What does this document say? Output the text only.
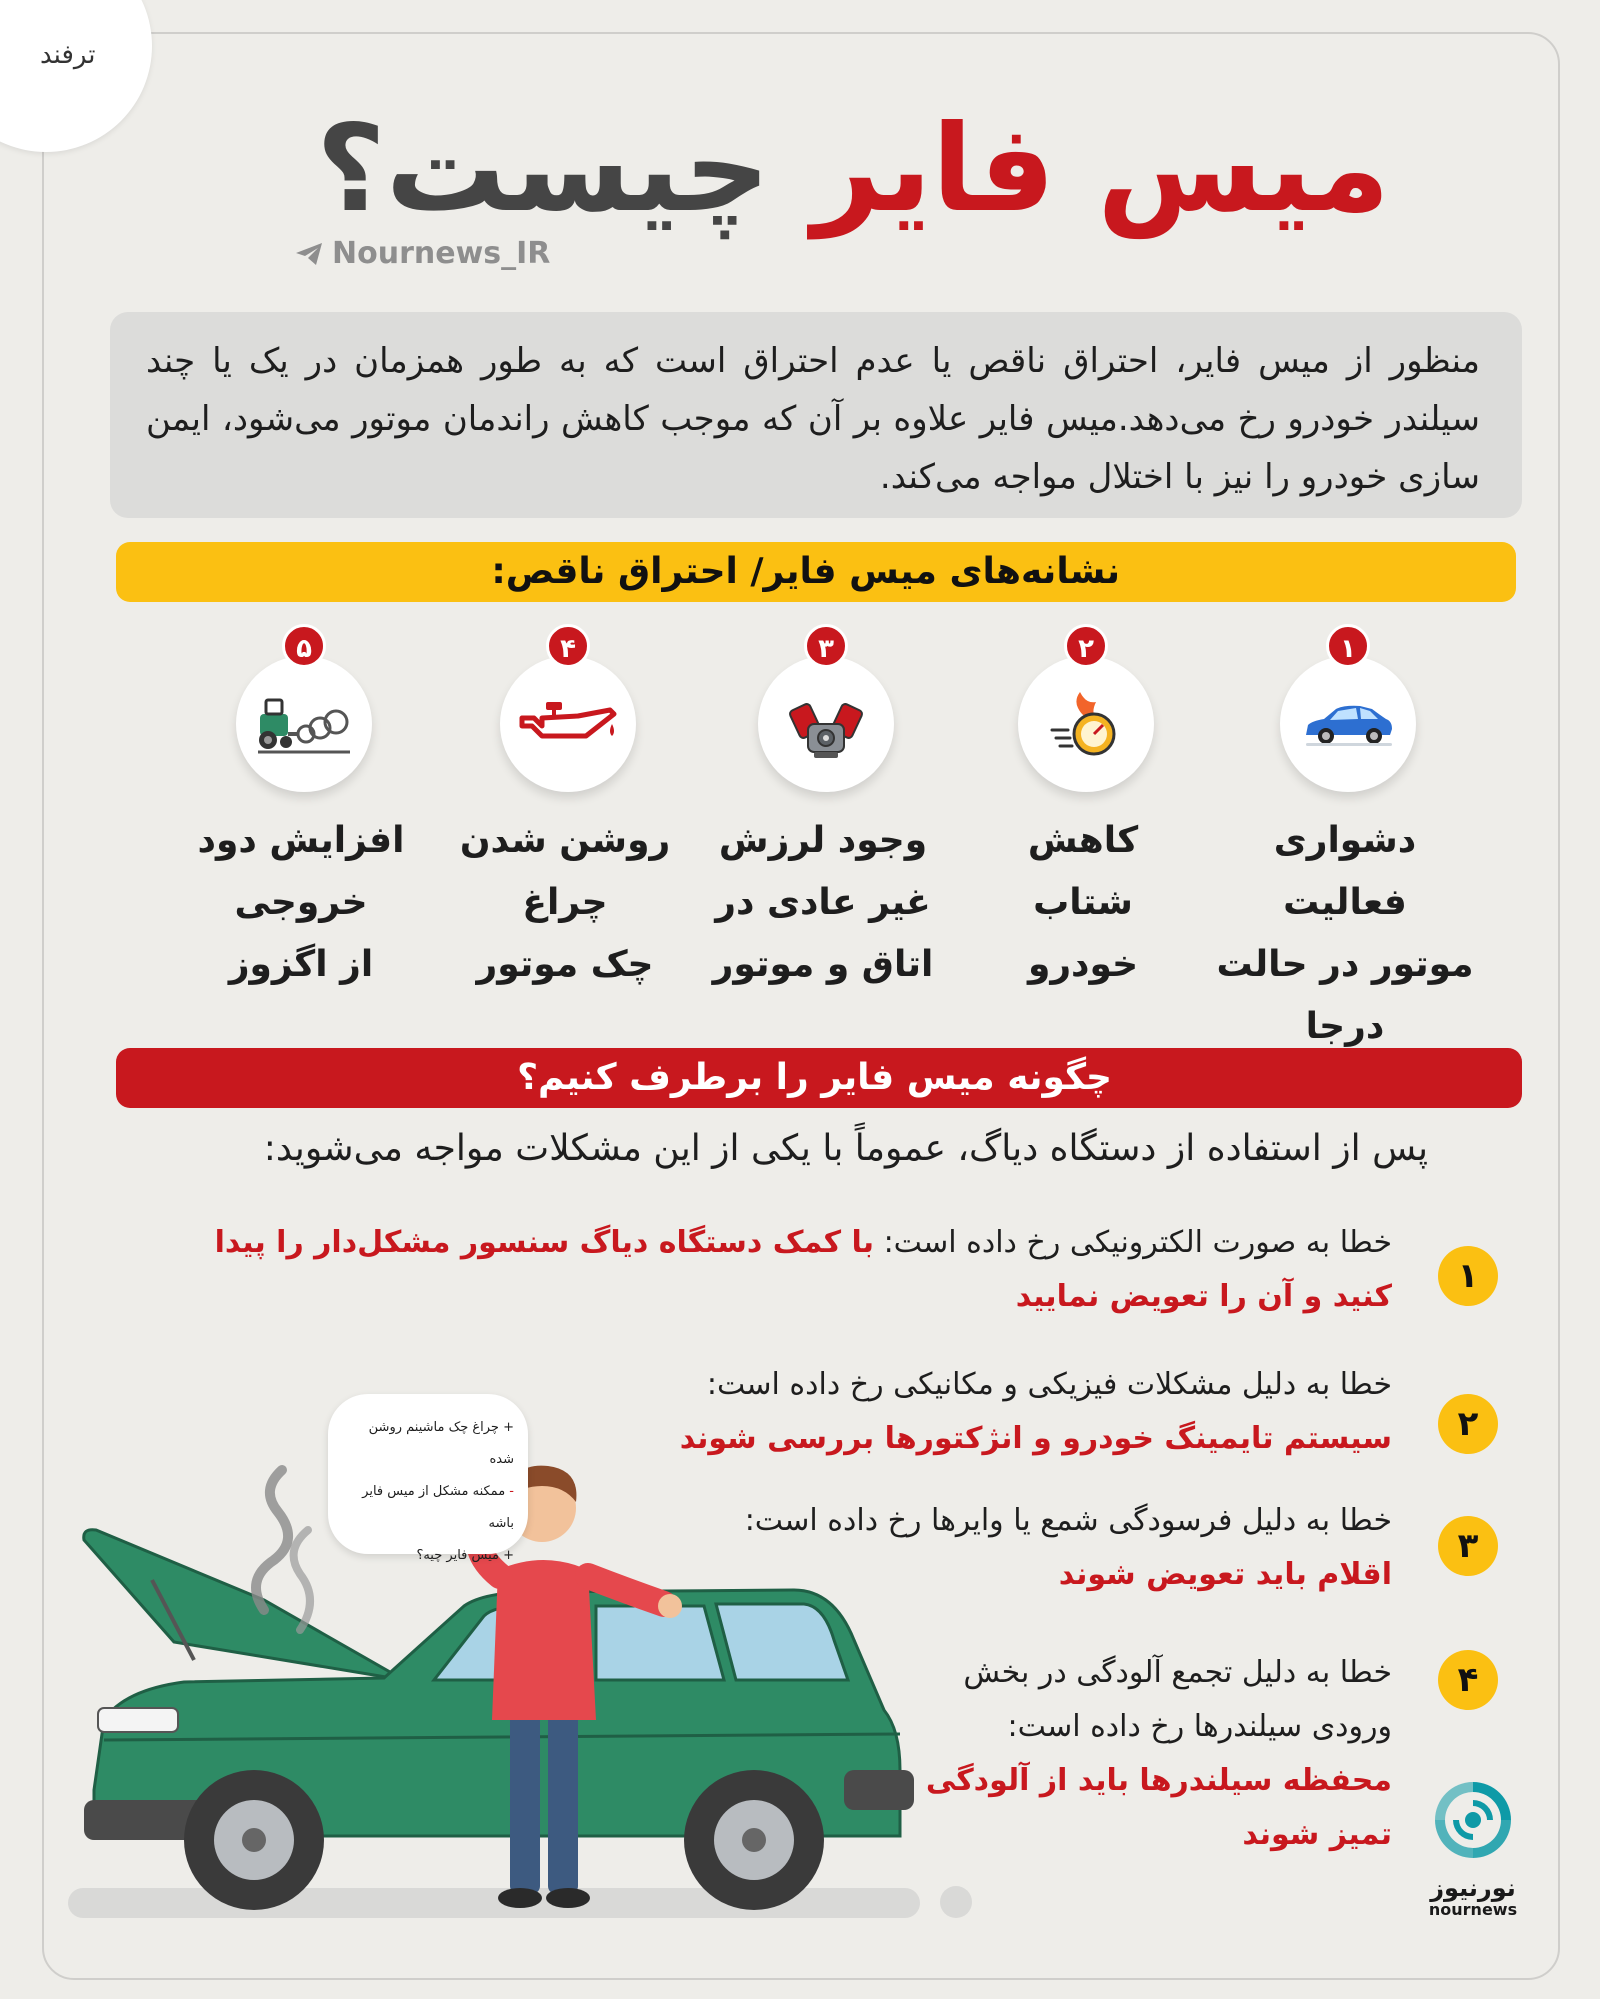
ترفند
میس فایر چیست؟
Nournews_IR

منظور از میس فایر، احتراق ناقص یا عدم احتراق است که به طور همزمان در یک یا چند سیلندر خودرو رخ می‌دهد.میس فایر علاوه بر آن که موجب کاهش راندمان موتور می‌شود، ایمن سازی خودرو را نیز با اختلال مواجه می‌کند.

نشانه‌های میس فایر/ احتراق ناقص:
۱
دشواری فعالیت
موتور در حالت
درجا
۲
کاهش
شتاب
خودرو
۳
وجود لرزش
غیر عادی در
اتاق و موتور
۴
روشن شدن
چراغ
چک موتور
۵
افزایش دود
خروجی
از اگزوز
چگونه میس فایر را برطرف کنیم؟

پس از استفاده از دستگاه دیاگ، عموماً با یکی از این مشکلات مواجه می‌شوید:

۱
خطا به صورت الکترونیکی رخ داده است: با کمک دستگاه دیاگ سنسور مشکل‌دار را پیدا کنید و آن را تعویض نمایید
۲
خطا به دلیل مشکلات فیزیکی و مکانیکی رخ داده است:
سیستم تایمینگ خودرو و انژکتورها بررسی شوند
۳
خطا به دلیل فرسودگی شمع یا وایرها رخ داده است:
اقلام باید تعویض شوند
۴
خطا به دلیل تجمع آلودگی در بخش ورودی سیلندرها رخ داده است:
محفظه سیلندرها باید از آلودگی تمیز شوند
+ چراغ چک ماشینم روشن شده
- ممکنه مشکل از میس فایر باشه
+ میس فایر چیه؟
نورنیوز
nournews
